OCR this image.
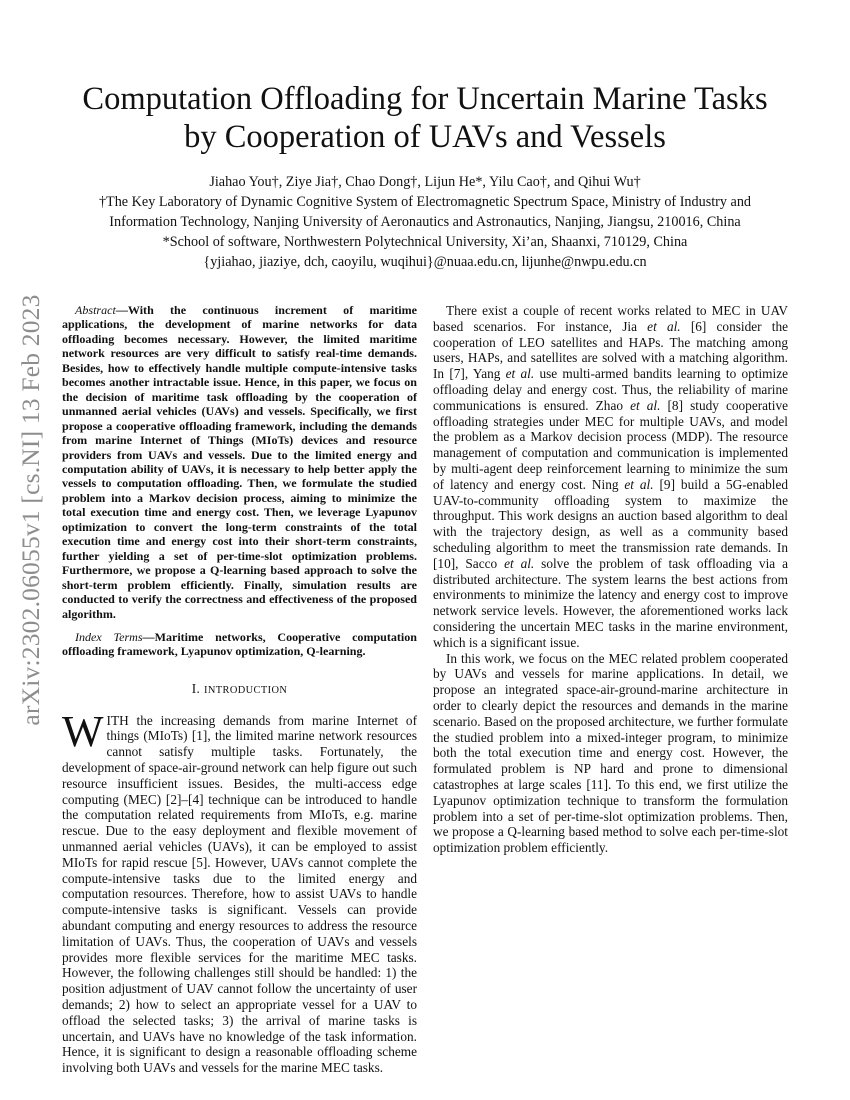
arXiv:2302.06055v1 [cs.NI] 13 Feb 2023
Computation Offloading for Uncertain Marine Tasks
by Cooperation of UAVs and Vessels
Jiahao You†, Ziye Jia†, Chao Dong†, Lijun He*, Yilu Cao†, and Qihui Wu†
†The Key Laboratory of Dynamic Cognitive System of Electromagnetic Spectrum Space, Ministry of Industry and
Information Technology, Nanjing University of Aeronautics and Astronautics, Nanjing, Jiangsu, 210016, China
*School of software, Northwestern Polytechnical University, Xi’an, Shaanxi, 710129, China
{yjiahao, jiaziye, dch, caoyilu, wuqihui}@nuaa.edu.cn, lijunhe@nwpu.edu.cn

Abstract—With the continuous increment of maritime applications, the development of marine networks for data offloading becomes necessary. However, the limited maritime network resources are very difficult to satisfy real-time demands. Besides, how to effectively handle multiple compute-intensive tasks becomes another intractable issue. Hence, in this paper, we focus on the decision of maritime task offloading by the cooperation of unmanned aerial vehicles (UAVs) and vessels. Specifically, we first propose a cooperative offloading framework, including the demands from marine Internet of Things (MIoTs) devices and resource providers from UAVs and vessels. Due to the limited energy and computation ability of UAVs, it is necessary to help better apply the vessels to computation offloading. Then, we formulate the studied problem into a Markov decision process, aiming to minimize the total execution time and energy cost. Then, we leverage Lyapunov optimization to convert the long-term constraints of the total execution time and energy cost into their short-term constraints, further yielding a set of per-time-slot optimization problems. Furthermore, we propose a Q-learning based approach to solve the short-term problem efficiently. Finally, simulation results are conducted to verify the correctness and effectiveness of the proposed algorithm.

Index Terms—Maritime networks, Cooperative computation offloading framework, Lyapunov optimization, Q-learning.

I. INTRODUCTION

WITH the increasing demands from marine Internet of things (MIoTs) [1], the limited marine network resources cannot satisfy multiple tasks. Fortunately, the development of space-air-ground network can help figure out such resource insufficient issues. Besides, the multi-access edge computing (MEC) [2]–[4] technique can be introduced to handle the computation related requirements from MIoTs, e.g. marine rescue. Due to the easy deployment and flexible movement of unmanned aerial vehicles (UAVs), it can be employed to assist MIoTs for rapid rescue [5]. However, UAVs cannot complete the compute-intensive tasks due to the limited energy and computation resources. Therefore, how to assist UAVs to handle compute-intensive tasks is significant. Vessels can provide abundant computing and energy resources to address the resource limitation of UAVs. Thus, the cooperation of UAVs and vessels provides more flexible services for the maritime MEC tasks. However, the following challenges still should be handled: 1) the position adjustment of UAV cannot follow the uncertainty of user demands; 2) how to select an appropriate vessel for a UAV to offload the selected tasks; 3) the arrival of marine tasks is uncertain, and UAVs have no knowledge of the task information. Hence, it is significant to design a reasonable offloading scheme involving both UAVs and vessels for the marine MEC tasks.

There exist a couple of recent works related to MEC in UAV based scenarios. For instance, Jia et al. [6] consider the cooperation of LEO satellites and HAPs. The matching among users, HAPs, and satellites are solved with a matching algorithm. In [7], Yang et al. use multi-armed bandits learning to optimize offloading delay and energy cost. Thus, the reliability of marine communications is ensured. Zhao et al. [8] study cooperative offloading strategies under MEC for multiple UAVs, and model the problem as a Markov decision process (MDP). The resource management of computation and communication is implemented by multi-agent deep reinforcement learning to minimize the sum of latency and energy cost. Ning et al. [9] build a 5G-enabled UAV-to-community offloading system to maximize the throughput. This work designs an auction based algorithm to deal with the trajectory design, as well as a community based scheduling algorithm to meet the transmission rate demands. In [10], Sacco et al. solve the problem of task offloading via a distributed architecture. The system learns the best actions from environments to minimize the latency and energy cost to improve network service levels. However, the aforementioned works lack considering the uncertain MEC tasks in the marine environment, which is a significant issue.

In this work, we focus on the MEC related problem cooperated by UAVs and vessels for marine applications. In detail, we propose an integrated space-air-ground-marine architecture in order to clearly depict the resources and demands in the marine scenario. Based on the proposed architecture, we further formulate the studied problem into a mixed-integer program, to minimize both the total execution time and energy cost. However, the formulated problem is NP hard and prone to dimensional catastrophes at large scales [11]. To this end, we first utilize the Lyapunov optimization technique to transform the formulation problem into a set of per-time-slot optimization problems. Then, we propose a Q-learning based method to solve each per-time-slot optimization problem efficiently.
